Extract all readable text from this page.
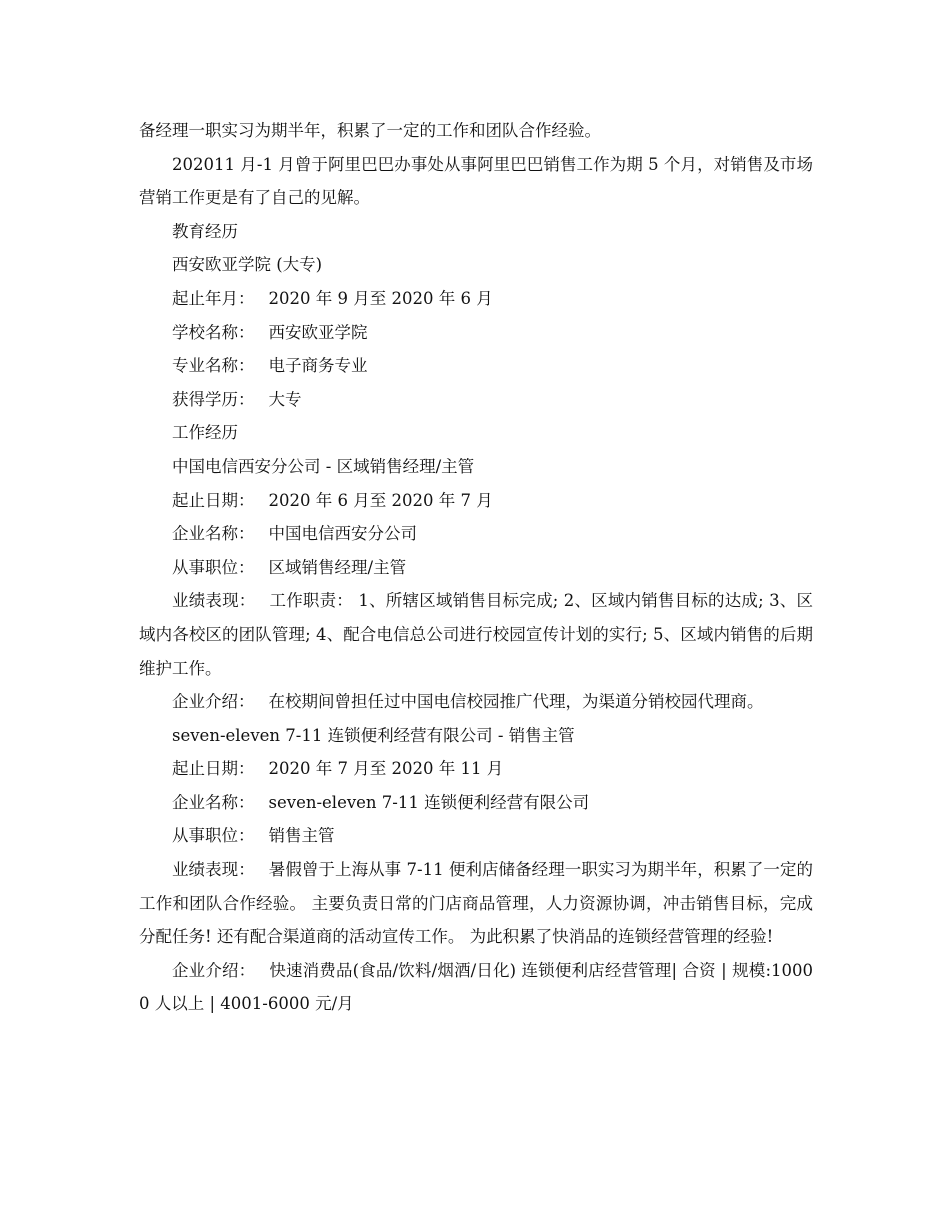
备经理一职实习为期半年，积累了一定的工作和团队合作经验。

202011 月-1 月曾于阿里巴巴办事处从事阿里巴巴销售工作为期 5 个月，对销售及市场营销工作更是有了自己的见解。

教育经历

西安欧亚学院 (大专)

起止年月： 2020 年 9 月至 2020 年 6 月

学校名称： 西安欧亚学院

专业名称： 电子商务专业

获得学历： 大专

工作经历

中国电信西安分公司 - 区域销售经理/主管

起止日期： 2020 年 6 月至 2020 年 7 月

企业名称： 中国电信西安分公司

从事职位： 区域销售经理/主管

业绩表现： 工作职责： 1、所辖区域销售目标完成; 2、区域内销售目标的达成; 3、区域内各校区的团队管理; 4、配合电信总公司进行校园宣传计划的实行; 5、区域内销售的后期维护工作。

企业介绍： 在校期间曾担任过中国电信校园推广代理，为渠道分销校园代理商。

seven-eleven 7-11 连锁便利经营有限公司 - 销售主管

起止日期： 2020 年 7 月至 2020 年 11 月

企业名称： seven-eleven 7-11 连锁便利经营有限公司

从事职位： 销售主管

业绩表现： 暑假曾于上海从事 7-11 便利店储备经理一职实习为期半年，积累了一定的工作和团队合作经验。 主要负责日常的门店商品管理，人力资源协调，冲击销售目标，完成分配任务! 还有配合渠道商的活动宣传工作。 为此积累了快消品的连锁经营管理的经验!

企业介绍： 快速消费品(食品/饮料/烟酒/日化) 连锁便利店经营管理| 合资 | 规模:10000 人以上 | 4001-6000 元/月
